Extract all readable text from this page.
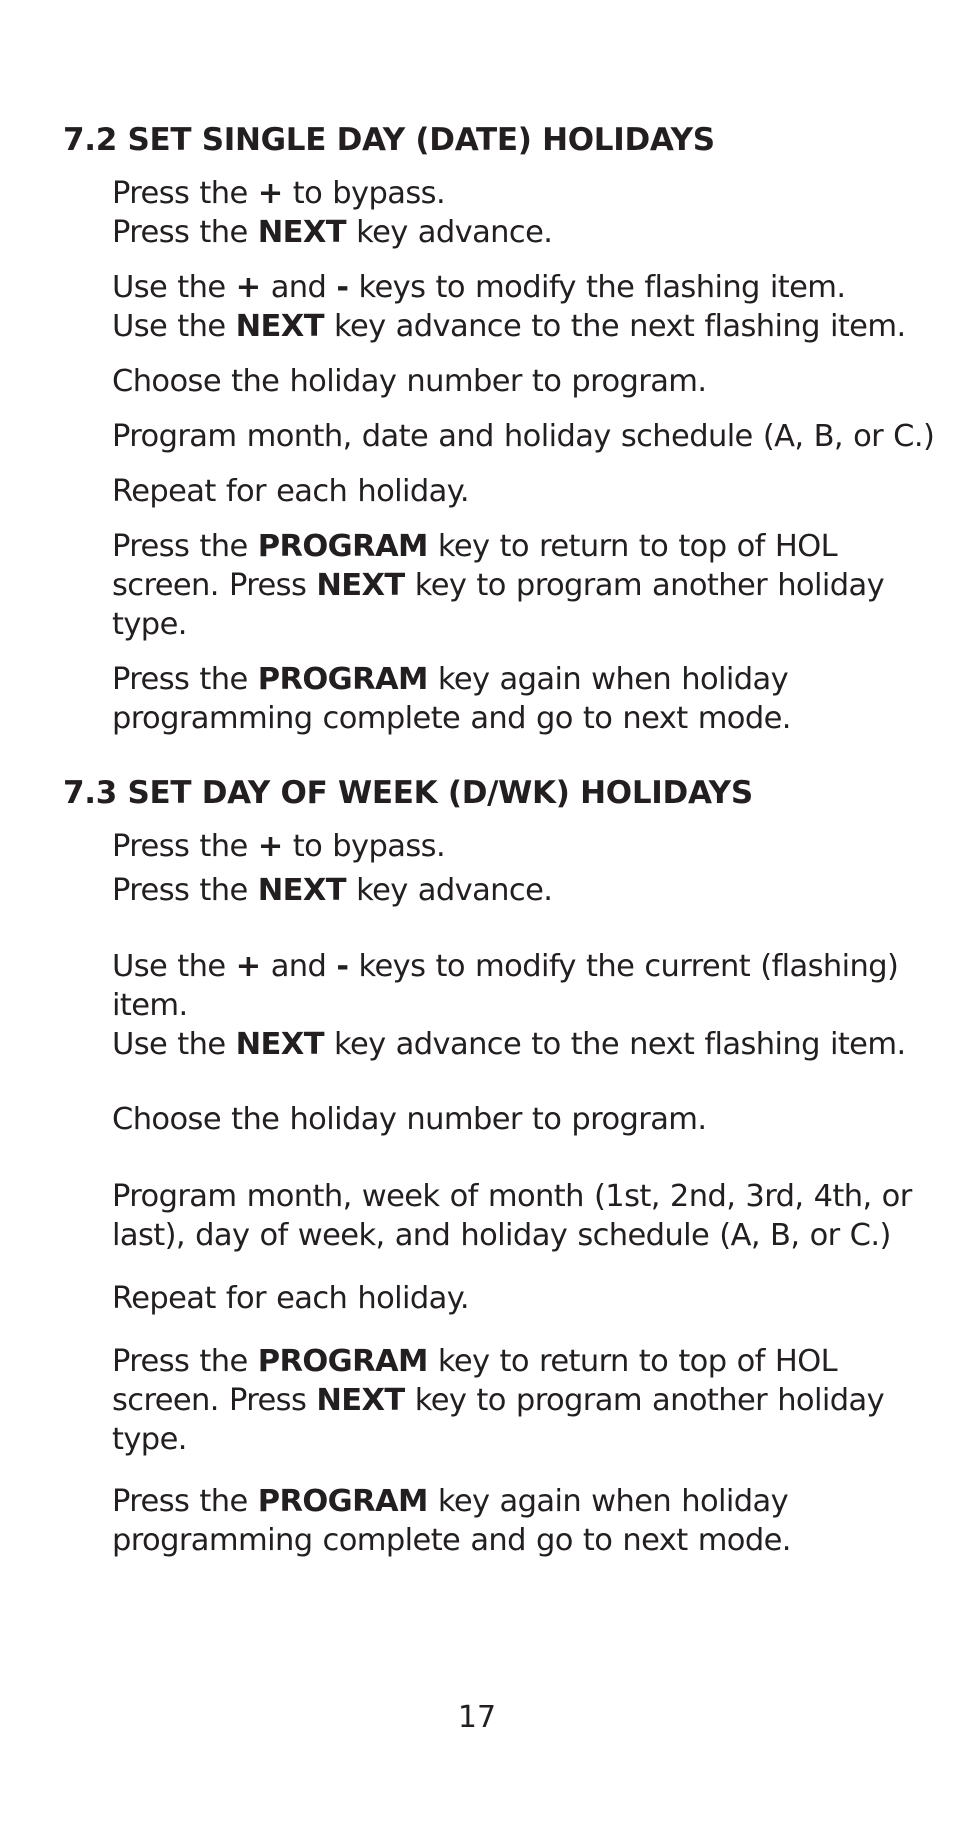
7.2 SET SINGLE DAY (DATE) HOLIDAYS

Press the + to bypass.
Press the NEXT key advance.

Use the + and - keys to modify the flashing item.
Use the NEXT key advance to the next flashing item.

Choose the holiday number to program.

Program month, date and holiday schedule (A, B, or C.)

Repeat for each holiday.

Press the PROGRAM key to return to top of HOL
screen. Press NEXT key to program another holiday
type.

Press the PROGRAM key again when holiday
programming complete and go to next mode.

7.3 SET DAY OF WEEK (D/WK) HOLIDAYS

Press the + to bypass.

Press the NEXT key advance.

Use the + and - keys to modify the current (flashing)
item.
Use the NEXT key advance to the next flashing item.

Choose the holiday number to program.

Program month, week of month (1st, 2nd, 3rd, 4th, or
last), day of week, and holiday schedule (A, B, or C.)

Repeat for each holiday.

Press the PROGRAM key to return to top of HOL
screen. Press NEXT key to program another holiday
type.

Press the PROGRAM key again when holiday
programming complete and go to next mode.

17
